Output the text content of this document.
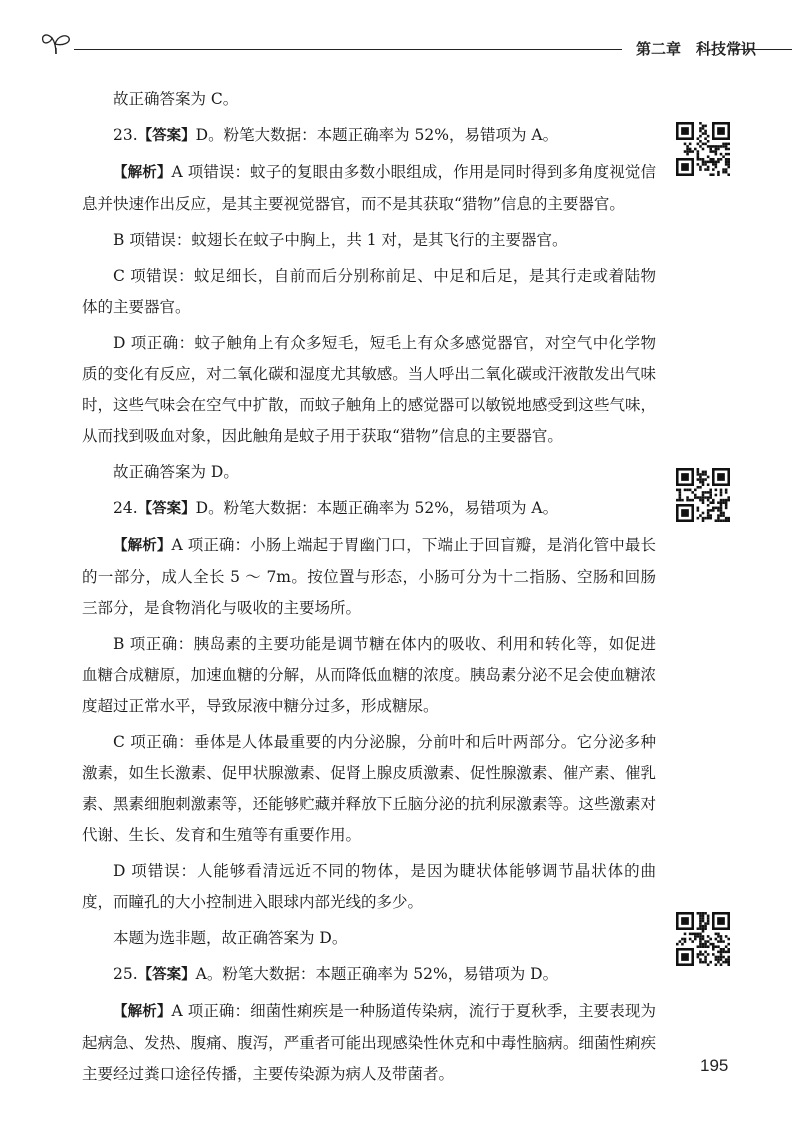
第二章　科技常识

故正确答案为 C。

23.【答案】D。粉笔大数据：本题正确率为 52%，易错项为 A。

【解析】A 项错误：蚊子的复眼由多数小眼组成，作用是同时得到多角度视觉信息并快速作出反应，是其主要视觉器官，而不是其获取“猎物”信息的主要器官。

B 项错误：蚊翅长在蚊子中胸上，共 1 对，是其飞行的主要器官。

C 项错误：蚊足细长，自前而后分别称前足、中足和后足，是其行走或着陆物体的主要器官。

D 项正确：蚊子触角上有众多短毛，短毛上有众多感觉器官，对空气中化学物质的变化有反应，对二氧化碳和湿度尤其敏感。当人呼出二氧化碳或汗液散发出气味时，这些气味会在空气中扩散，而蚊子触角上的感觉器可以敏锐地感受到这些气味，从而找到吸血对象，因此触角是蚊子用于获取“猎物”信息的主要器官。

故正确答案为 D。

24.【答案】D。粉笔大数据：本题正确率为 52%，易错项为 A。

【解析】A 项正确：小肠上端起于胃幽门口，下端止于回盲瓣，是消化管中最长的一部分，成人全长 5 ～ 7m。按位置与形态，小肠可分为十二指肠、空肠和回肠三部分，是食物消化与吸收的主要场所。

B 项正确：胰岛素的主要功能是调节糖在体内的吸收、利用和转化等，如促进血糖合成糖原，加速血糖的分解，从而降低血糖的浓度。胰岛素分泌不足会使血糖浓度超过正常水平，导致尿液中糖分过多，形成糖尿。

C 项正确：垂体是人体最重要的内分泌腺，分前叶和后叶两部分。它分泌多种激素，如生长激素、促甲状腺激素、促肾上腺皮质激素、促性腺激素、催产素、催乳素、黑素细胞刺激素等，还能够贮藏并释放下丘脑分泌的抗利尿激素等。这些激素对代谢、生长、发育和生殖等有重要作用。

D 项错误：人能够看清远近不同的物体，是因为睫状体能够调节晶状体的曲度，而瞳孔的大小控制进入眼球内部光线的多少。

本题为选非题，故正确答案为 D。

25.【答案】A。粉笔大数据：本题正确率为 52%，易错项为 D。

【解析】A 项正确：细菌性痢疾是一种肠道传染病，流行于夏秋季，主要表现为起病急、发热、腹痛、腹泻，严重者可能出现感染性休克和中毒性脑病。细菌性痢疾主要经过粪口途径传播，主要传染源为病人及带菌者。	195
